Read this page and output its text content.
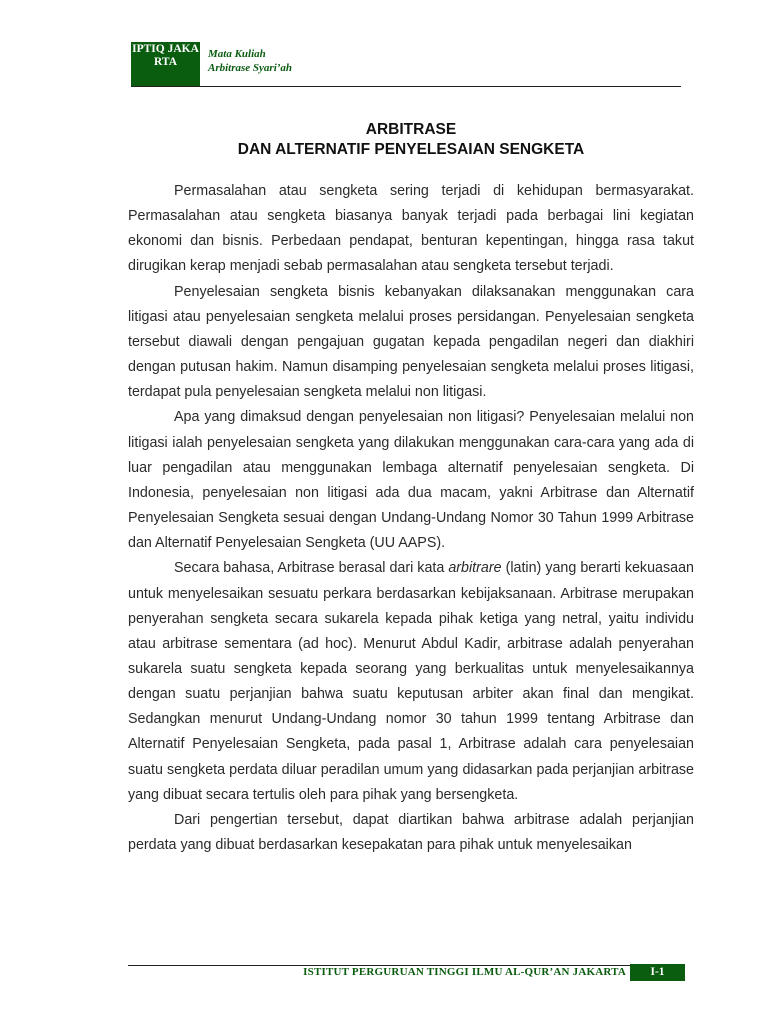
IPTIQ JAKARTA
Mata Kuliah
Arbitrase Syari’ah
ARBITRASE
DAN ALTERNATIF PENYELESAIAN SENGKETA

Permasalahan atau sengketa sering terjadi di kehidupan bermasyarakat. Permasalahan atau sengketa biasanya banyak terjadi pada berbagai lini kegiatan ekonomi dan bisnis. Perbedaan pendapat, benturan kepentingan, hingga rasa takut dirugikan kerap menjadi sebab permasalahan atau sengketa tersebut terjadi.

Penyelesaian sengketa bisnis kebanyakan dilaksanakan menggunakan cara litigasi atau penyelesaian sengketa melalui proses persidangan. Penyelesaian sengketa tersebut diawali dengan pengajuan gugatan kepada pengadilan negeri dan diakhiri dengan putusan hakim. Namun disamping penyelesaian sengketa melalui proses litigasi, terdapat pula penyelesaian sengketa melalui non litigasi.

Apa yang dimaksud dengan penyelesaian non litigasi? Penyelesaian melalui non litigasi ialah penyelesaian sengketa yang dilakukan menggunakan cara-cara yang ada di luar pengadilan atau menggunakan lembaga alternatif penyelesaian sengketa. Di Indonesia, penyelesaian non litigasi ada dua macam, yakni Arbitrase dan Alternatif Penyelesaian Sengketa sesuai dengan Undang-Undang Nomor 30 Tahun 1999 Arbitrase dan Alternatif Penyelesaian Sengketa (UU AAPS).

Secara bahasa, Arbitrase berasal dari kata arbitrare (latin) yang berarti kekuasaan untuk menyelesaikan sesuatu perkara berdasarkan kebijaksanaan. Arbitrase merupakan penyerahan sengketa secara sukarela kepada pihak ketiga yang netral, yaitu individu atau arbitrase sementara (ad hoc). Menurut Abdul Kadir, arbitrase adalah penyerahan sukarela suatu sengketa kepada seorang yang berkualitas untuk menyelesaikannya dengan suatu perjanjian bahwa suatu keputusan arbiter akan final dan mengikat. Sedangkan menurut Undang-Undang nomor 30 tahun 1999 tentang Arbitrase dan Alternatif Penyelesaian Sengketa, pada pasal 1, Arbitrase adalah cara penyelesaian suatu sengketa perdata diluar peradilan umum yang didasarkan pada perjanjian arbitrase yang dibuat secara tertulis oleh para pihak yang bersengketa.

Dari pengertian tersebut, dapat diartikan bahwa arbitrase adalah perjanjian perdata yang dibuat berdasarkan kesepakatan para pihak untuk menyelesaikan

ISTITUT PERGURUAN TINGGI ILMU AL-QUR’AN JAKARTA	I-1
